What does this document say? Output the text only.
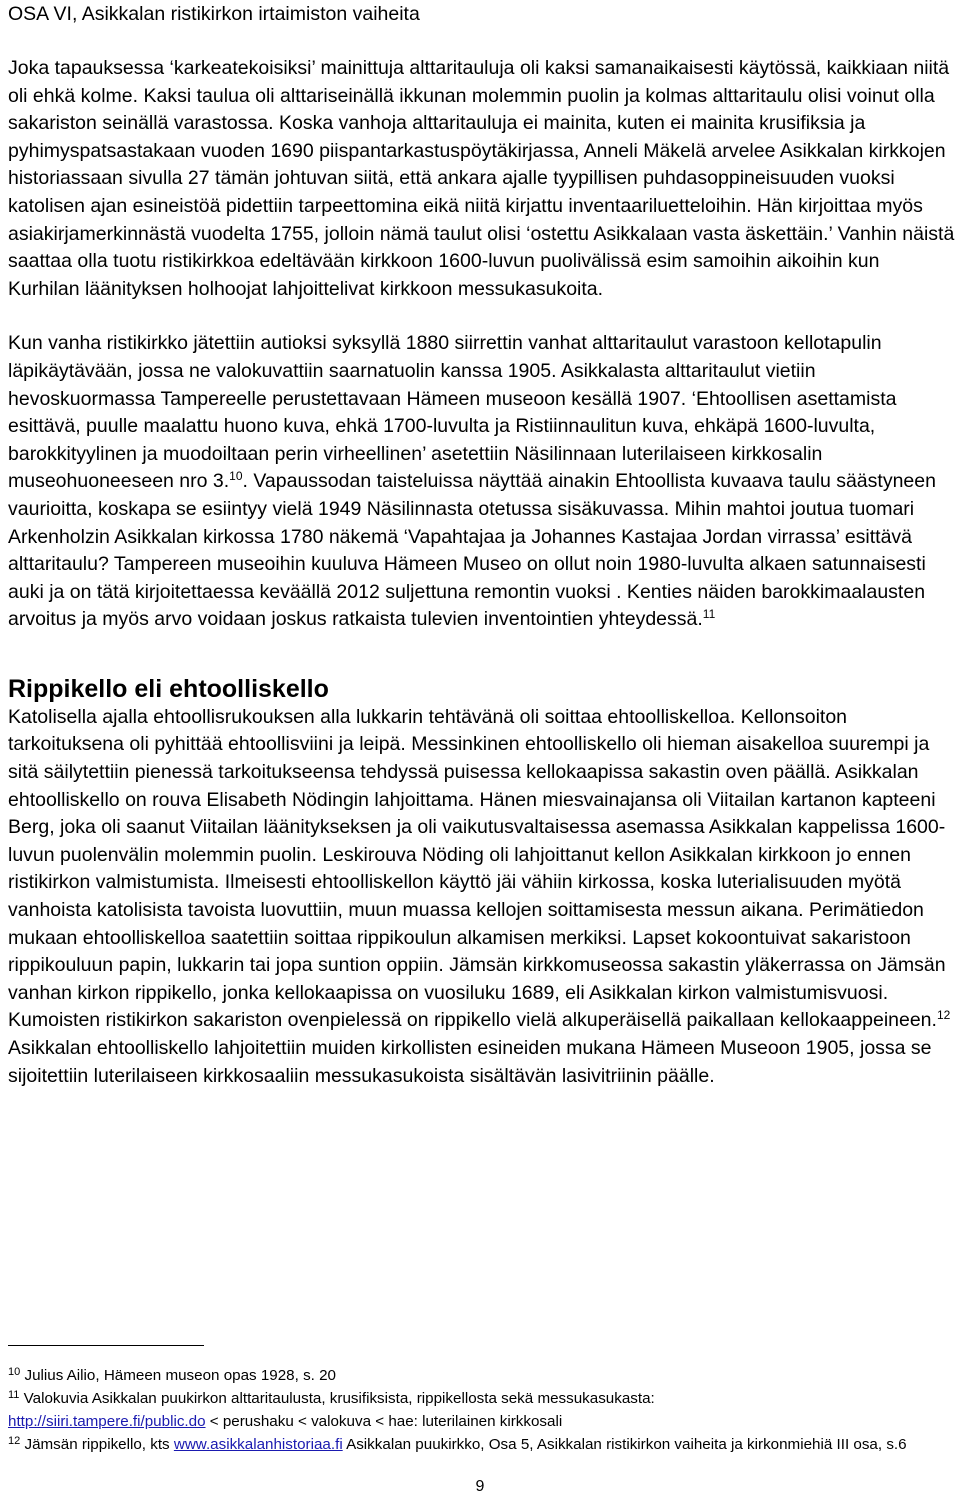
OSA VI, Asikkalan ristikirkon irtaimiston vaiheita

Joka tapauksessa ‘karkeatekoisiksi’ mainittuja alttaritauluja oli kaksi samanaikaisesti käytössä, kaikkiaan niitä oli ehkä kolme. Kaksi taulua oli alttariseinällä ikkunan molemmin puolin ja kolmas alttaritaulu olisi voinut olla sakariston seinällä varastossa. Koska vanhoja alttaritauluja ei mainita, kuten ei mainita krusifiksia ja pyhimyspatsastakaan vuoden 1690 piispantarkastuspöytäkirjassa, Anneli Mäkelä arvelee Asikkalan kirkkojen historiassaan sivulla 27 tämän johtuvan siitä, että ankara ajalle tyypillisen puhdasoppineisuuden vuoksi katolisen ajan esineistöä pidettiin tarpeettomina eikä niitä kirjattu inventaariluetteloihin. Hän kirjoittaa myös asiakirjamerkinnästä vuodelta 1755, jolloin nämä taulut olisi ‘ostettu Asikkalaan vasta äskettäin.’ Vanhin näistä saattaa olla tuotu ristikirkkoa edeltävään kirkkoon 1600-luvun puolivälissä esim samoihin aikoihin kun Kurhilan läänityksen holhoojat lahjoittelivat kirkkoon messukasukoita.

Kun vanha ristikirkko jätettiin autioksi syksyllä 1880 siirrettin vanhat alttaritaulut varastoon kellotapulin läpikäytävään, jossa ne valokuvattiin saarnatuolin kanssa 1905. Asikkalasta alttaritaulut vietiin hevoskuormassa Tampereelle perustettavaan Hämeen museoon kesällä 1907. ‘Ehtoollisen asettamista esittävä, puulle maalattu huono kuva, ehkä 1700-luvulta ja Ristiinnaulitun kuva, ehkäpä 1600-luvulta, barokkityylinen ja muodoiltaan perin virheellinen’ asetettiin Näsilinnaan luterilaiseen kirkkosalin museohuoneeseen nro 3.10. Vapaussodan taisteluissa näyttää ainakin Ehtoollista kuvaava taulu säästyneen vaurioitta, koskapa se esiintyy vielä 1949 Näsilinnasta otetussa sisäkuvassa. Mihin mahtoi joutua tuomari Arkenholzin Asikkalan kirkossa 1780 näkemä ‘Vapahtajaa ja Johannes Kastajaa Jordan virrassa’ esittävä alttaritaulu? Tampereen museoihin kuuluva Hämeen Museo on ollut noin 1980-luvulta alkaen satunnaisesti auki ja on tätä kirjoitettaessa keväällä 2012 suljettuna remontin vuoksi . Kenties näiden barokkimaalausten arvoitus ja myös arvo voidaan joskus ratkaista tulevien inventointien yhteydessä.$^{11}$

Rippikello eli ehtoolliskello

Katolisella ajalla ehtoollisrukouksen alla lukkarin tehtävänä oli soittaa ehtoolliskelloa. Kellonsoiton tarkoituksena oli pyhittää ehtoollisviini ja leipä. Messinkinen ehtoolliskello oli hieman aisakelloa suurempi ja sitä säilytettiin pienessä tarkoitukseensa tehdyssä puisessa kellokaapissa sakastin oven päällä. Asikkalan ehtoolliskello on rouva Elisabeth Nödingin lahjoittama. Hänen miesvainajansa oli Viitailan kartanon kapteeni Berg, joka oli saanut Viitailan läänitykseksen ja oli vaikutusvaltaisessa asemassa Asikkalan kappelissa 1600-luvun puolenvälin molemmin puolin. Leskirouva Nöding oli lahjoittanut kellon Asikkalan kirkkoon jo ennen ristikirkon valmistumista. Ilmeisesti ehtoolliskellon käyttö jäi vähiin kirkossa, koska luterialisuuden myötä vanhoista katolisista tavoista luovuttiin, muun muassa kellojen soittamisesta messun aikana. Perimätiedon mukaan ehtoolliskelloa saatettiin soittaa rippikoulun alkamisen merkiksi. Lapset kokoontuivat sakaristoon rippikouluun papin, lukkarin tai jopa suntion oppiin. Jämsän kirkkomuseossa sakastin yläkerrassa on Jämsän vanhan kirkon rippikello, jonka kellokaapissa on vuosiluku 1689, eli Asikkalan kirkon valmistumisvuosi. Kumoisten ristikirkon sakariston ovenpielessä on rippikello vielä alkuperäisellä paikallaan kellokaappeineen.$^{12}$ Asikkalan ehtoolliskello lahjoitettiin muiden kirkollisten esineiden mukana Hämeen Museoon 1905, jossa se sijoitettiin luterilaiseen kirkkosaaliin messukasukoista sisältävän lasivitriinin päälle.

$^{10}$ Julius Ailio, Hämeen museon opas 1928, s. 20

$^{11}$ Valokuvia Asikkalan puukirkon alttaritaulusta, krusifiksista, rippikellosta sekä messukasukasta:
http://siiri.tampere.fi/public.do < perushaku < valokuva < hae: luterilainen kirkkosali

$^{12}$ Jämsän rippikello, kts www.asikkalanhistoriaa.fi Asikkalan puukirkko, Osa 5, Asikkalan ristikirkon vaiheita ja kirkonmiehiä III osa, s.6

9
